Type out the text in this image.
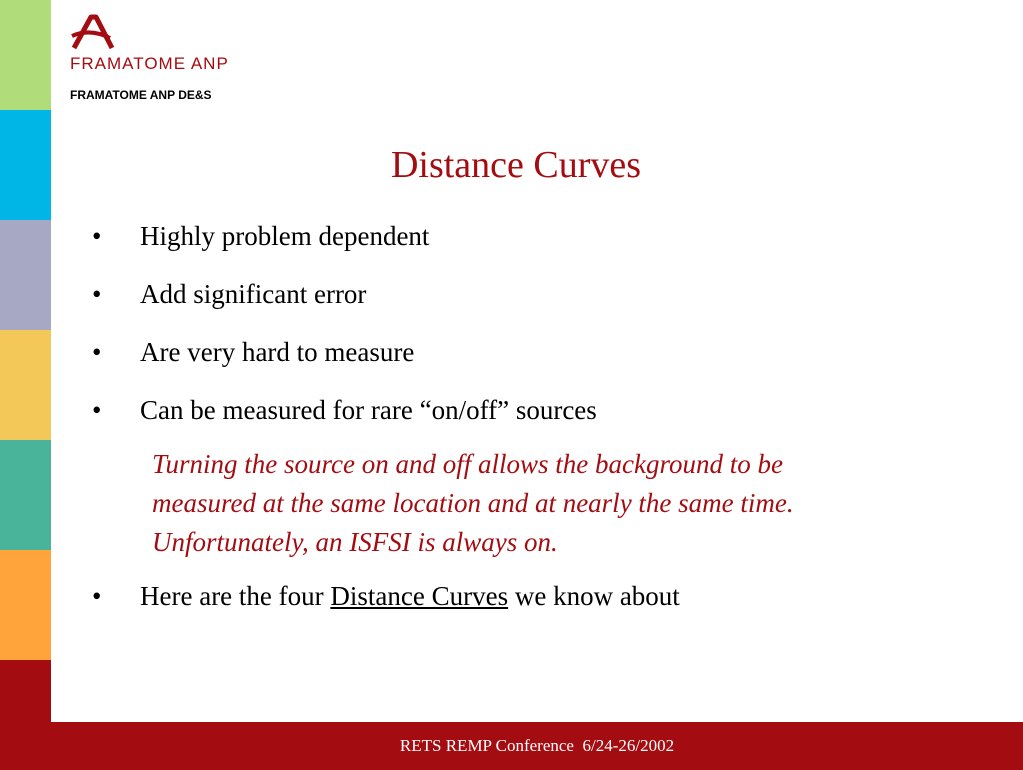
FRAMATOME ANP
FRAMATOME ANP DE&S
Distance Curves
• Highly problem dependent
• Add significant error
• Are very hard to measure
• Can be measured for rare “on/off” sources
Turning the source on and off allows the background to be
measured at the same location and at nearly the same time.
Unfortunately, an ISFSI is always on.
• Here are the four Distance Curves we know about
RETS REMP Conference  6/24-26/2002
